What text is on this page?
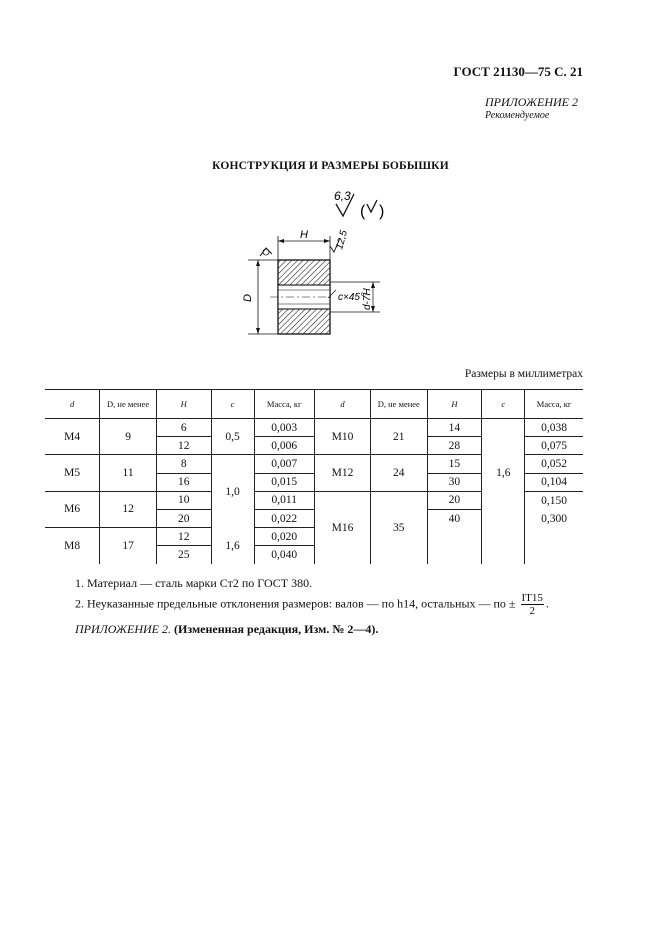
ГОСТ 21130—75 С. 21
ПРИЛОЖЕНИЕ 2
Рекомендуемое
КОНСТРУКЦИЯ И РАЗМЕРЫ БОБЫШКИ
6,3
( )
H	12,5
D	c×45°
d-7H
Размеры в миллиметрах
d	D, не менее	H	c	Масса, кг	d	D, не менее	H	c	Масса, кг
М4	9	6	0,5	0,003	М10	21	14	1,6	0,038
		12		0,006			28		0,075
М5	11	8	1,0	0,007	М12	24	15		0,052
		16		0,015			30		0,104
М6	12	10		0,011	М16	35	20		0,150
		20		0,022			40		0,300
М8	17	12	1,6	0,020					
		25		0,040					
1. Материал — сталь марки Ст2 по ГОСТ 380.
2. Неуказанные предельные отклонения размеров: валов — по h14, остальных — по ± $\frac{IT15}{2}$ .
ПРИЛОЖЕНИЕ 2. (Измененная редакция, Изм. № 2—4).
